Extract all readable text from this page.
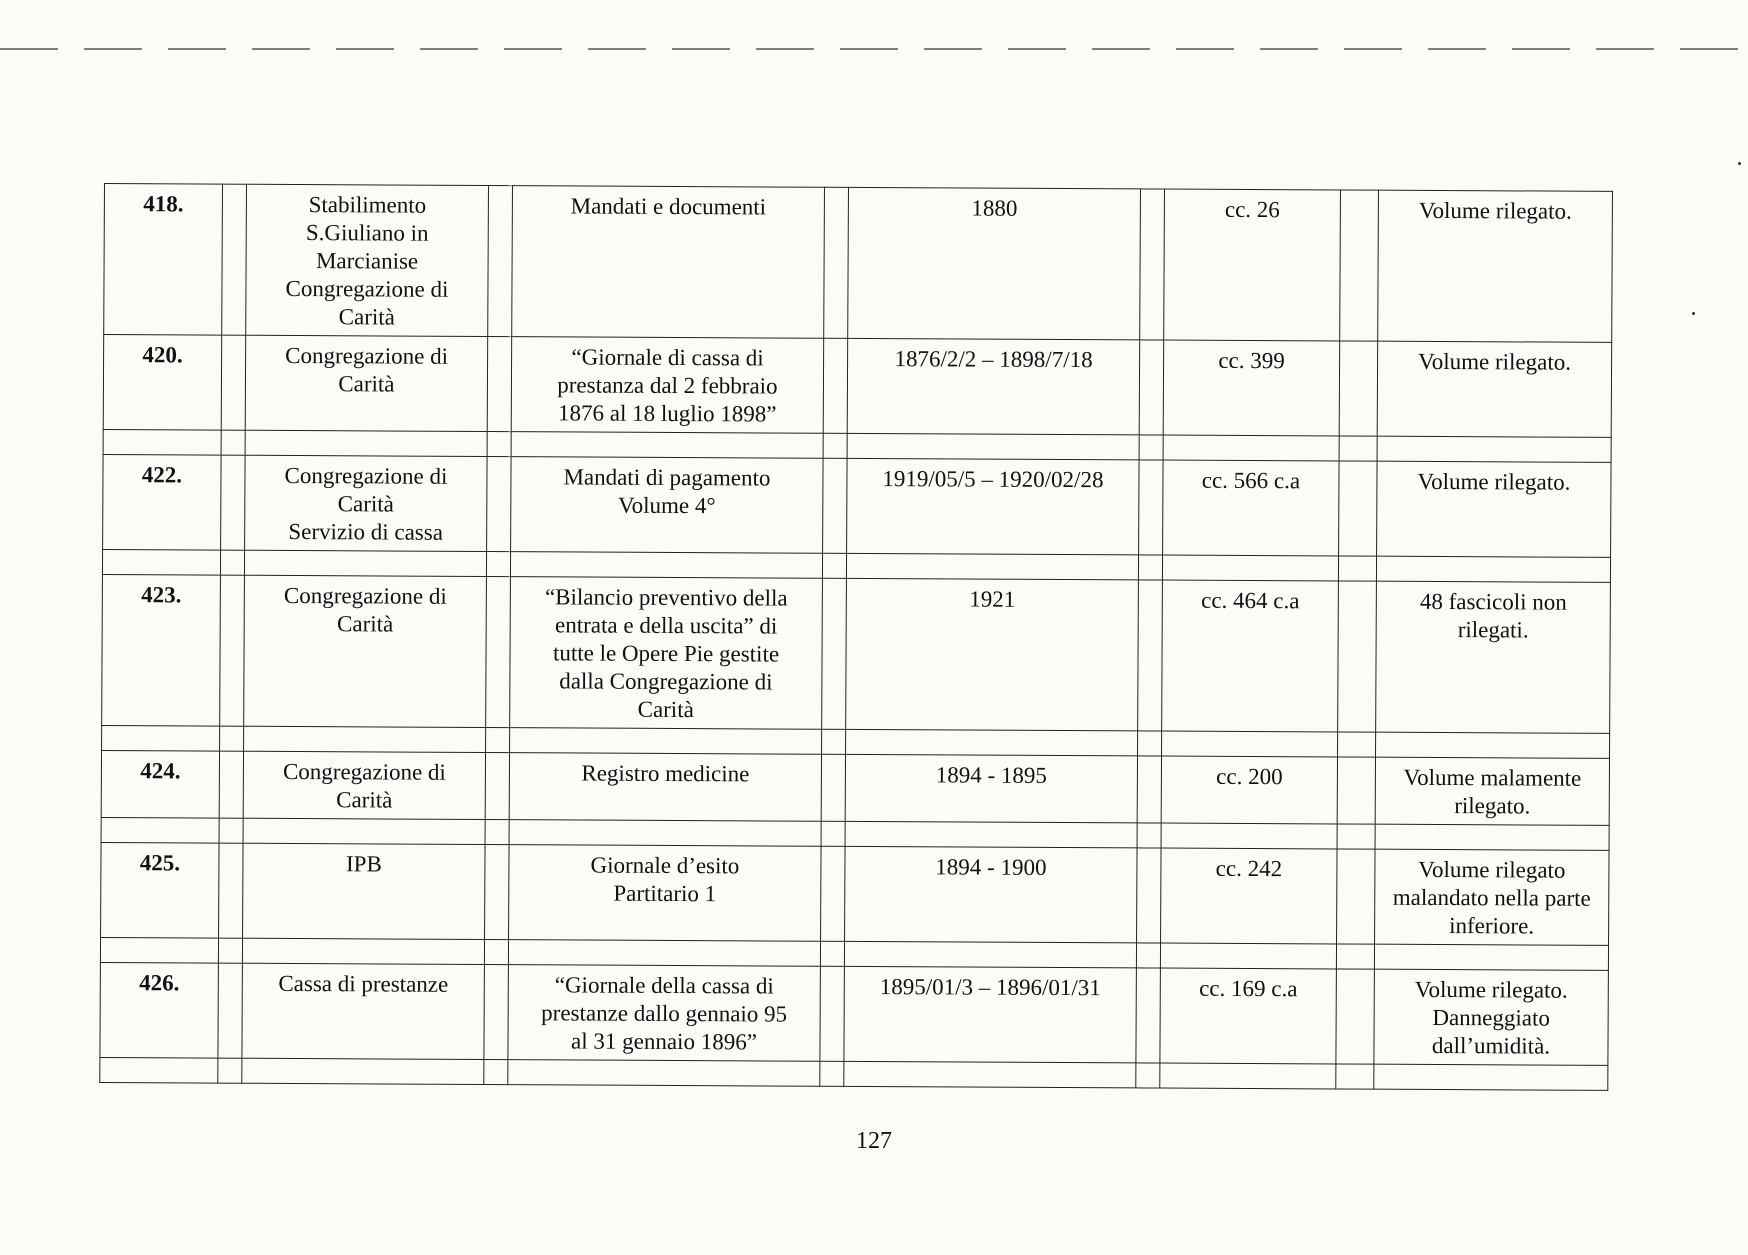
418.		Stabilimento
S.Giuliano in
Marcianise
Congregazione di
Carità		Mandati e documenti		1880		cc. 26		Volume rilegato.
420.		Congregazione di
Carità		“Giornale di cassa di
prestanza dal 2 febbraio
1876 al 18 luglio 1898”		1876/2/2 – 1898/7/18		cc. 399		Volume rilegato.

422.		Congregazione di
Carità
Servizio di cassa		Mandati di pagamento
Volume 4°		1919/05/5 – 1920/02/28		cc. 566 c.a		Volume rilegato.

423.		Congregazione di
Carità		“Bilancio preventivo della
entrata e della uscita” di
tutte le Opere Pie gestite
dalla Congregazione di
Carità		1921		cc. 464 c.a		48 fascicoli non rilegati.

424.		Congregazione di
Carità		Registro medicine		1894 - 1895		cc. 200		Volume malamente
rilegato.

425.		IPB		Giornale d’esito
Partitario 1		1894 - 1900		cc. 242		Volume rilegato
malandato nella parte
inferiore.

426.		Cassa di prestanze		“Giornale della cassa di
prestanze dallo gennaio 95
al 31 gennaio 1896”		1895/01/3 – 1896/01/31		cc. 169 c.a		Volume rilegato.
Danneggiato dall’umidità.

127
